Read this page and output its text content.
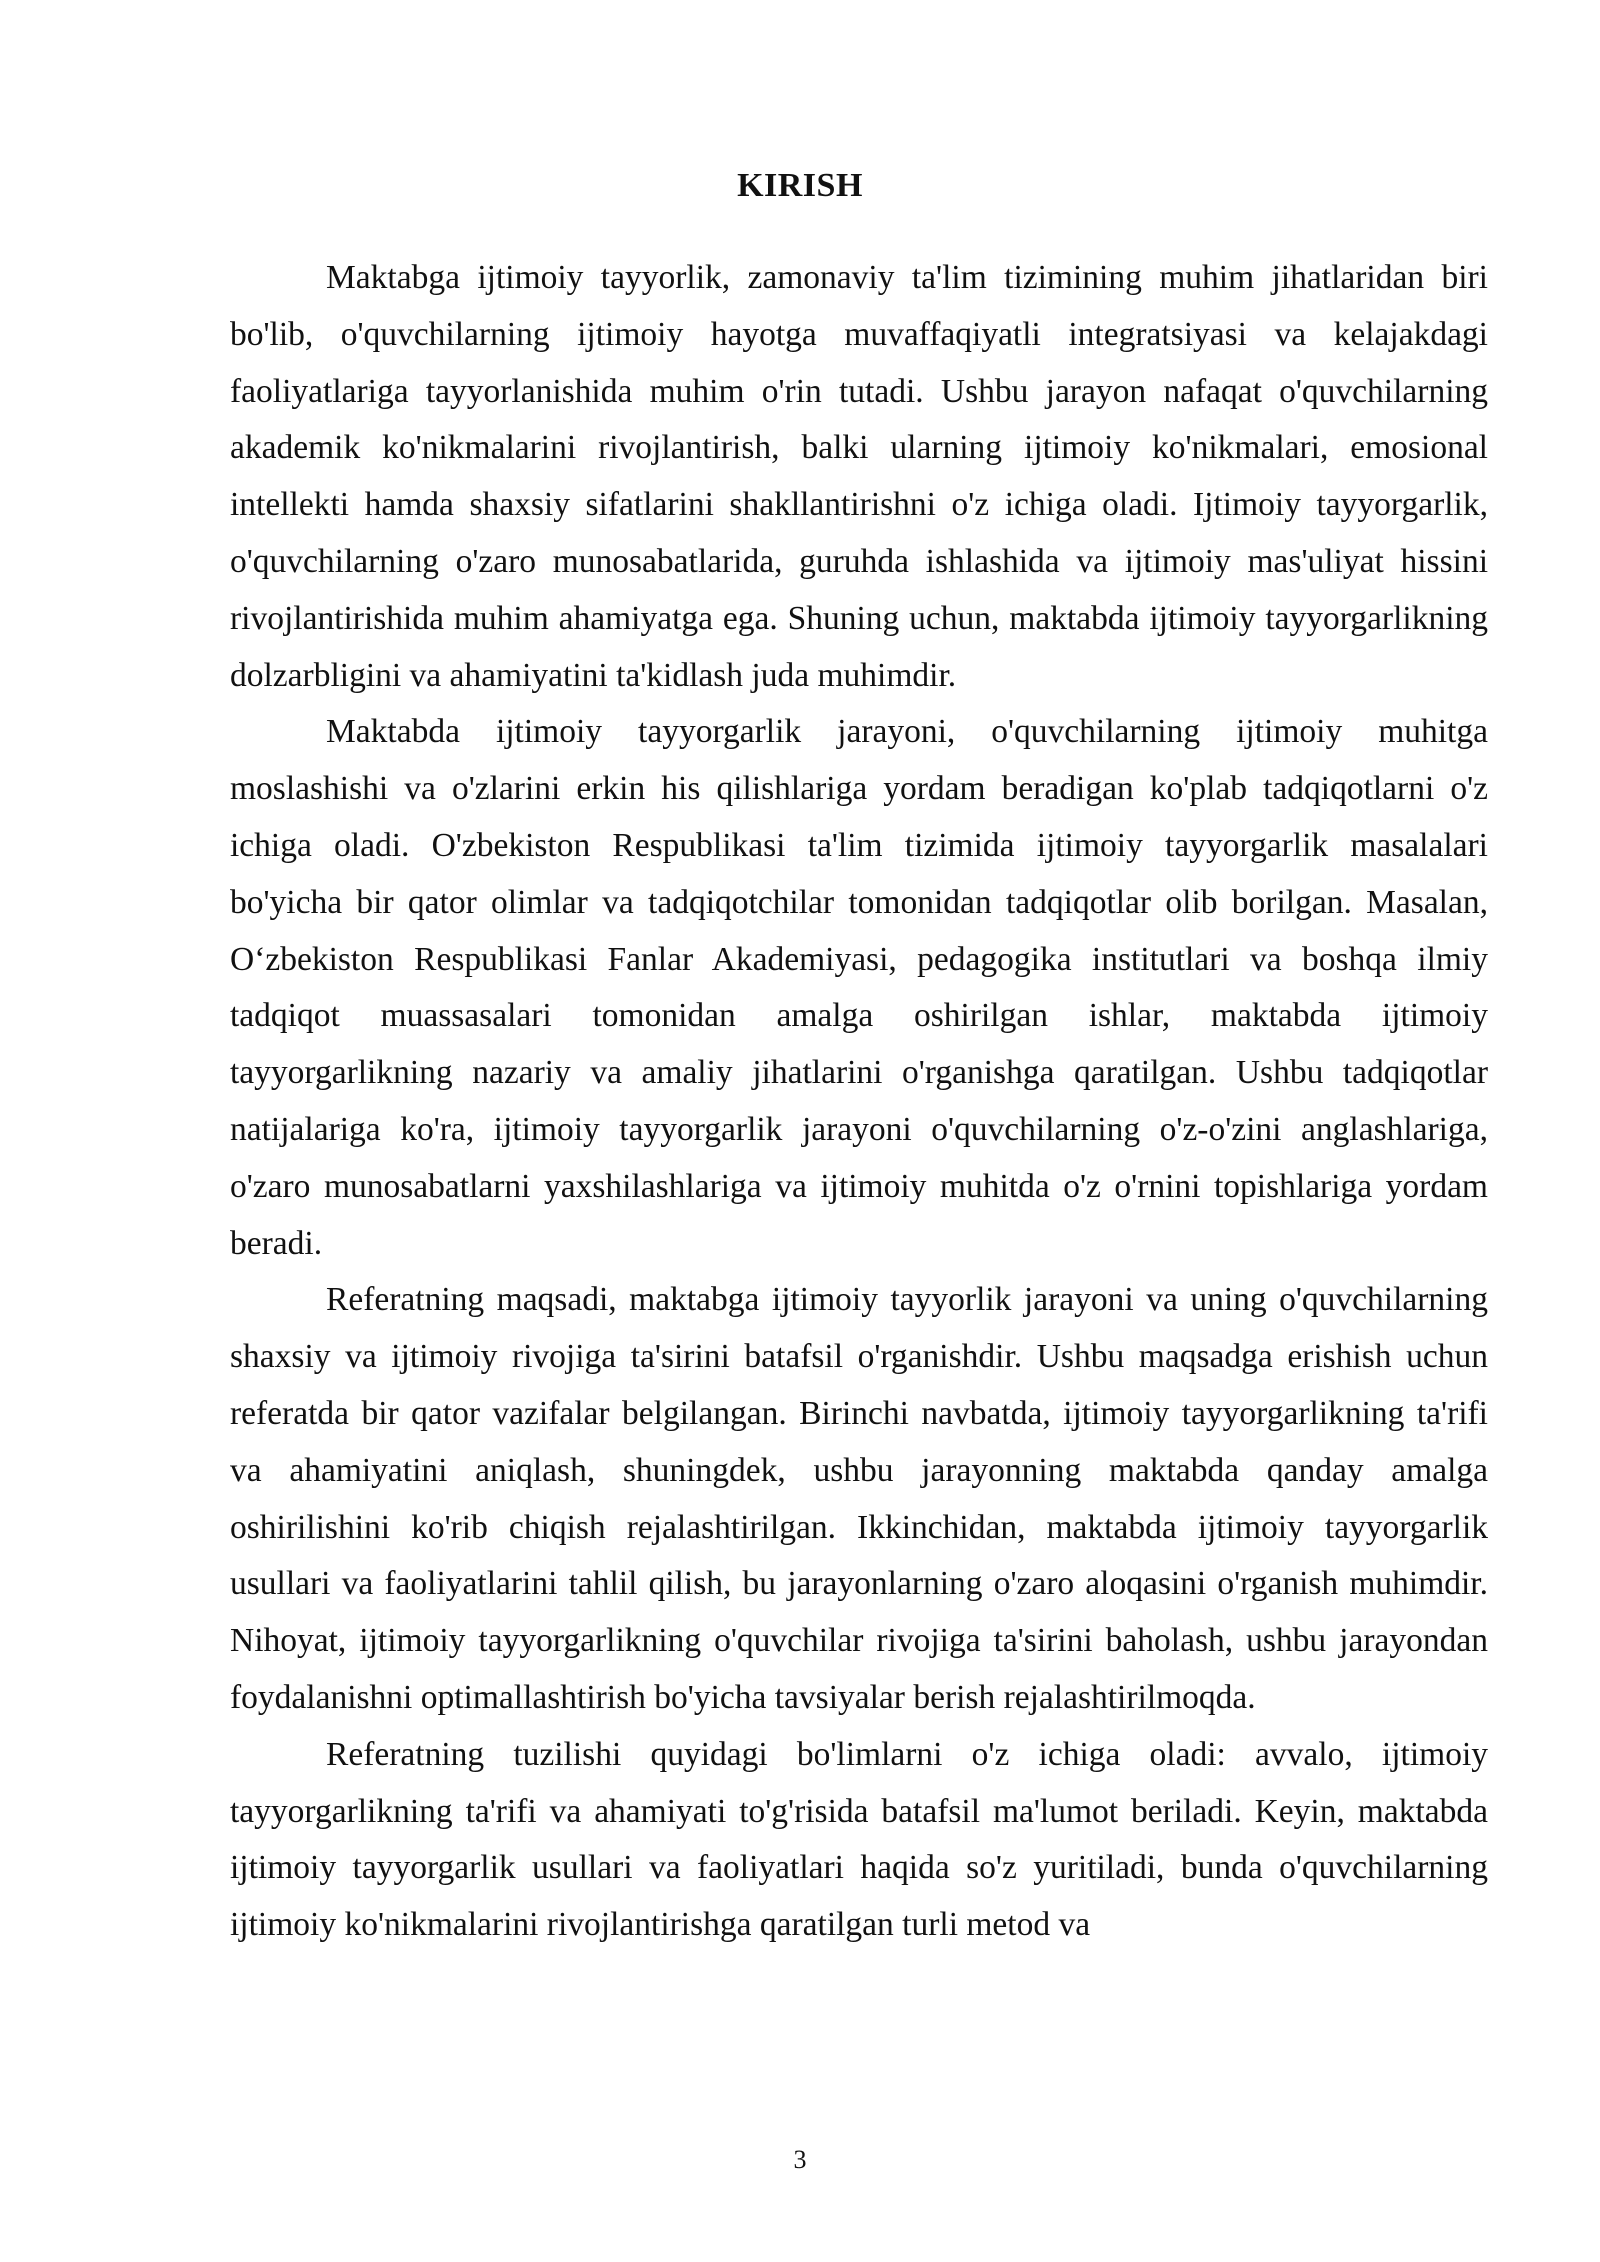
KIRISH

Maktabga ijtimoiy tayyorlik, zamonaviy ta'lim tizimining muhim jihatlaridan biri bo'lib, o'quvchilarning ijtimoiy hayotga muvaffaqiyatli integratsiyasi va kelajakdagi faoliyatlariga tayyorlanishida muhim o'rin tutadi. Ushbu jarayon nafaqat o'quvchilarning akademik ko'nikmalarini rivojlantirish, balki ularning ijtimoiy ko'nikmalari, emosional intellekti hamda shaxsiy sifatlarini shakllantirishni o'z ichiga oladi. Ijtimoiy tayyorgarlik, o'quvchilarning o'zaro munosabatlarida, guruhda ishlashida va ijtimoiy mas'uliyat hissini rivojlantirishida muhim ahamiyatga ega. Shuning uchun, maktabda ijtimoiy tayyorgarlikning dolzarbligini va ahamiyatini ta'kidlash juda muhimdir.

Maktabda ijtimoiy tayyorgarlik jarayoni, o'quvchilarning ijtimoiy muhitga moslashishi va o'zlarini erkin his qilishlariga yordam beradigan ko'plab tadqiqotlarni o'z ichiga oladi. O'zbekiston Respublikasi ta'lim tizimida ijtimoiy tayyorgarlik masalalari bo'yicha bir qator olimlar va tadqiqotchilar tomonidan tadqiqotlar olib borilgan. Masalan, O‘zbekiston Respublikasi Fanlar Akademiyasi, pedagogika institutlari va boshqa ilmiy tadqiqot muassasalari tomonidan amalga oshirilgan ishlar, maktabda ijtimoiy tayyorgarlikning nazariy va amaliy jihatlarini o'rganishga qaratilgan. Ushbu tadqiqotlar natijalariga ko'ra, ijtimoiy tayyorgarlik jarayoni o'quvchilarning o'z-o'zini anglashlariga, o'zaro munosabatlarni yaxshilashlariga va ijtimoiy muhitda o'z o'rnini topishlariga yordam beradi.

Referatning maqsadi, maktabga ijtimoiy tayyorlik jarayoni va uning o'quvchilarning shaxsiy va ijtimoiy rivojiga ta'sirini batafsil o'rganishdir. Ushbu maqsadga erishish uchun referatda bir qator vazifalar belgilangan. Birinchi navbatda, ijtimoiy tayyorgarlikning ta'rifi va ahamiyatini aniqlash, shuningdek, ushbu jarayonning maktabda qanday amalga oshirilishini ko'rib chiqish rejalashtirilgan. Ikkinchidan, maktabda ijtimoiy tayyorgarlik usullari va faoliyatlarini tahlil qilish, bu jarayonlarning o'zaro aloqasini o'rganish muhimdir. Nihoyat, ijtimoiy tayyorgarlikning o'quvchilar rivojiga ta'sirini baholash, ushbu jarayondan foydalanishni optimallashtirish bo'yicha tavsiyalar berish rejalashtirilmoqda.

Referatning tuzilishi quyidagi bo'limlarni o'z ichiga oladi: avvalo, ijtimoiy tayyorgarlikning ta'rifi va ahamiyati to'g'risida batafsil ma'lumot beriladi. Keyin, maktabda ijtimoiy tayyorgarlik usullari va faoliyatlari haqida so'z yuritiladi, bunda o'quvchilarning ijtimoiy ko'nikmalarini rivojlantirishga qaratilgan turli metod va

3
